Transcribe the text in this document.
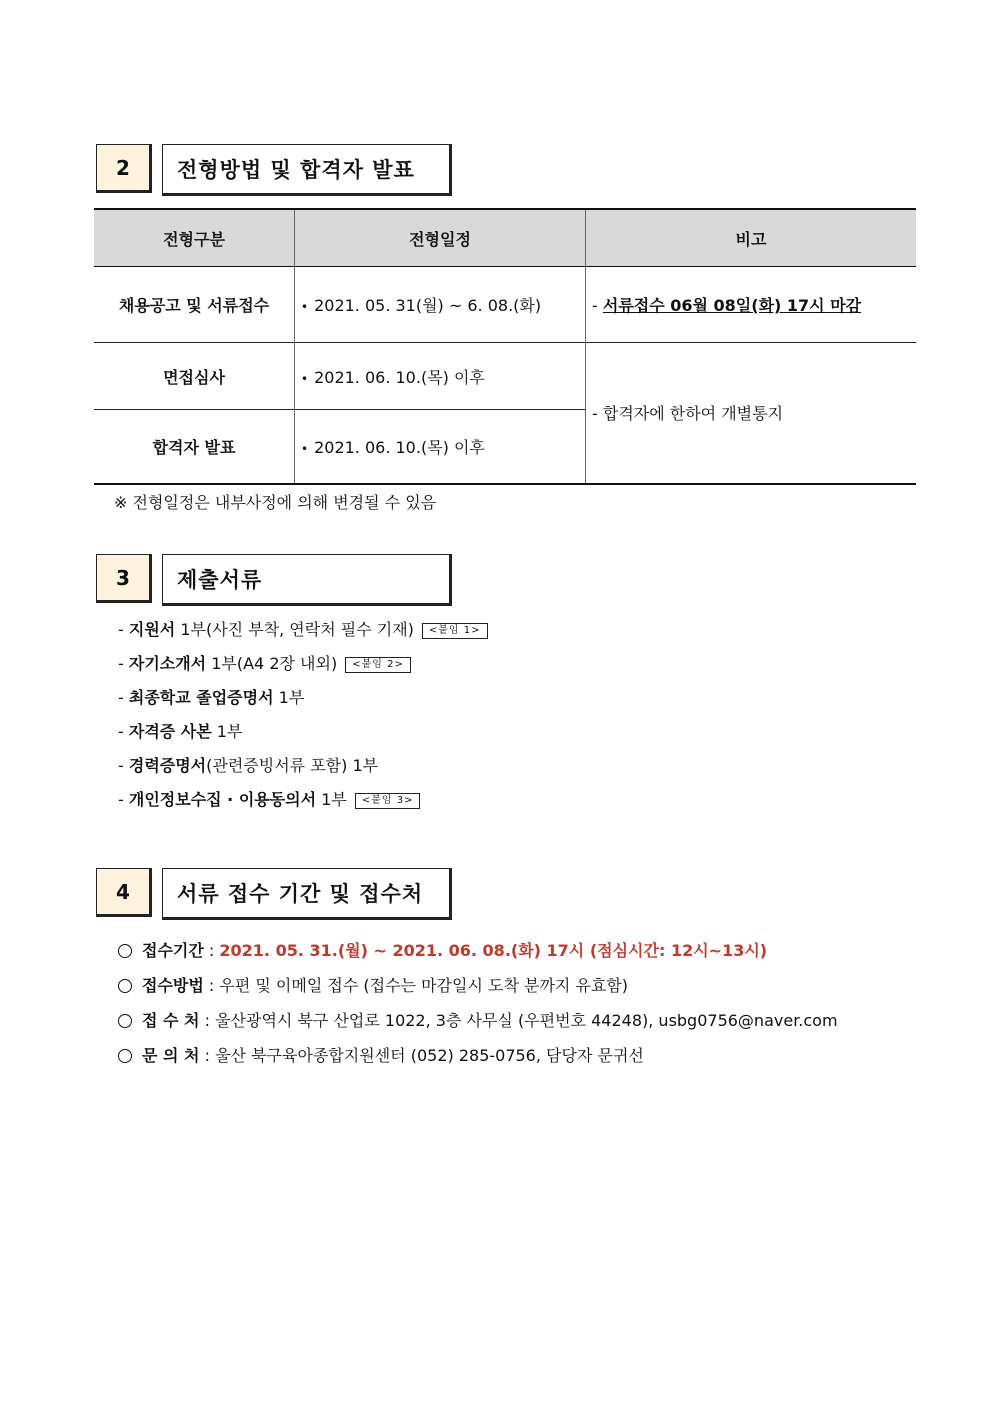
2	전형방법 및 합격자 발표
전형구분	전형일정	비고
채용공고 및 서류접수	• 2021. 05. 31(월) ~ 6. 08.(화)	- 서류접수 06월 08일(화) 17시 마감
면접심사	• 2021. 06. 10.(목) 이후	- 합격자에 한하여 개별통지
합격자 발표	• 2021. 06. 10.(목) 이후	
※ 전형일정은 내부사정에 의해 변경될 수 있음
3	제출서류
- 지원서 1부(사진 부착, 연락처 필수 기재) <붙임 1>
- 자기소개서 1부(A4 2장 내외) <붙임 2>
- 최종학교 졸업증명서 1부
- 자격증 사본 1부
- 경력증명서(관련증빙서류 포함) 1부
- 개인정보수집 · 이용동의서 1부 <붙임 3>
4	서류 접수 기간 및 접수처
접수기간 : 2021. 05. 31.(월) ~ 2021. 06. 08.(화) 17시 (점심시간: 12시~13시)
접수방법 : 우편 및 이메일 접수 (접수는 마감일시 도착 분까지 유효함)
접 수 처 : 울산광역시 북구 산업로 1022, 3층 사무실 (우편번호 44248), usbg0756@naver.com
문 의 처 : 울산 북구육아종합지원센터 (052) 285-0756, 담당자 문귀선
